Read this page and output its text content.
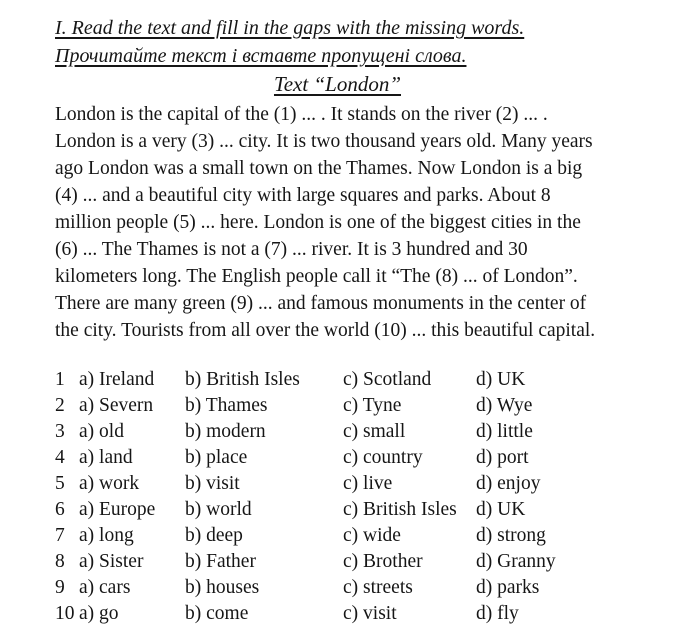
I. Read the text and fill in the gaps with the missing words.
Прочитайте текст і вставте пропущені слова.
Text “London”
London is the capital of the (1) ... . It stands on the river (2) ... .
London is a very (3) ... city. It is two thousand years old. Many years
ago London was a small town on the Thames. Now London is a big
(4) ... and a beautiful city with large squares and parks. About 8
million people (5) ... here. London is one of the biggest cities in the
(6) ... The Thames is not a (7) ... river. It is 3 hundred and 30
kilometers long. The English people call it “The (8) ... of London”.
There are many green (9) ... and famous monuments in the center of
the city. Tourists from all over the world (10) ... this beautiful capital.
1 a) Ireland	b) British Isles	c) Scotland	d) UK
2 a) Severn	b) Thames	c) Tyne	d) Wye
3 a) old	b) modern	c) small	d) little
4 a) land	b) place	c) country	d) port
5 a) work	b) visit	c) live	d) enjoy
6 a) Europe	b) world	c) British Isles d) UK
7 a) long	b) deep	c) wide	d) strong
8 a) Sister	b) Father	c) Brother	d) Granny
9 a) cars	b) houses	c) streets	d) parks
10 a) go	b) come	c) visit	d) fly
